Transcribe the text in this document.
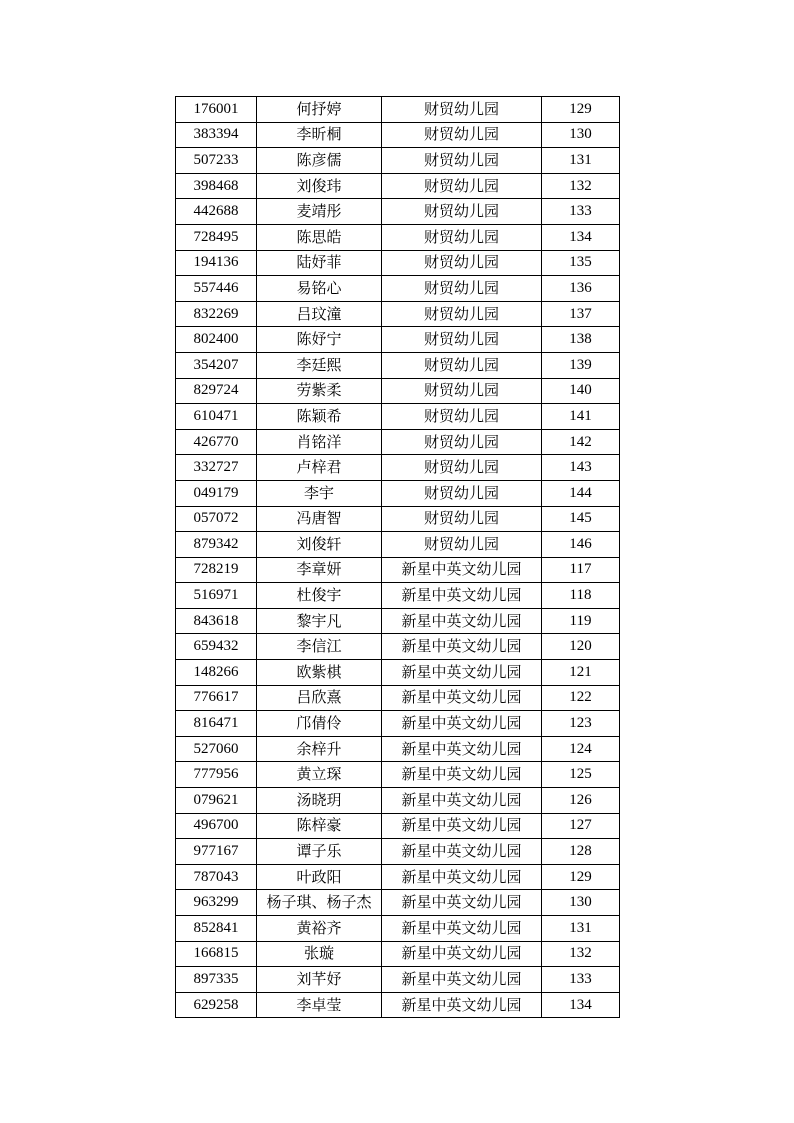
176001	何抒婷	财贸幼儿园	129
383394	李昕桐	财贸幼儿园	130
507233	陈彦儒	财贸幼儿园	131
398468	刘俊玮	财贸幼儿园	132
442688	麦靖彤	财贸幼儿园	133
728495	陈思皓	财贸幼儿园	134
194136	陆妤菲	财贸幼儿园	135
557446	易铭心	财贸幼儿园	136
832269	吕玟潼	财贸幼儿园	137
802400	陈妤宁	财贸幼儿园	138
354207	李廷熙	财贸幼儿园	139
829724	劳紫柔	财贸幼儿园	140
610471	陈颖希	财贸幼儿园	141
426770	肖铭洋	财贸幼儿园	142
332727	卢梓君	财贸幼儿园	143
049179	李宇	财贸幼儿园	144
057072	冯唐智	财贸幼儿园	145
879342	刘俊轩	财贸幼儿园	146
728219	李章妍	新星中英文幼儿园	117
516971	杜俊宇	新星中英文幼儿园	118
843618	黎宇凡	新星中英文幼儿园	119
659432	李信江	新星中英文幼儿园	120
148266	欧紫棋	新星中英文幼儿园	121
776617	吕欣熹	新星中英文幼儿园	122
816471	邝倩伶	新星中英文幼儿园	123
527060	余梓升	新星中英文幼儿园	124
777956	黄立琛	新星中英文幼儿园	125
079621	汤晓玥	新星中英文幼儿园	126
496700	陈梓豪	新星中英文幼儿园	127
977167	谭子乐	新星中英文幼儿园	128
787043	叶政阳	新星中英文幼儿园	129
963299	杨子琪、杨子杰	新星中英文幼儿园	130
852841	黄裕齐	新星中英文幼儿园	131
166815	张璇	新星中英文幼儿园	132
897335	刘芊妤	新星中英文幼儿园	133
629258	李卓莹	新星中英文幼儿园	134
